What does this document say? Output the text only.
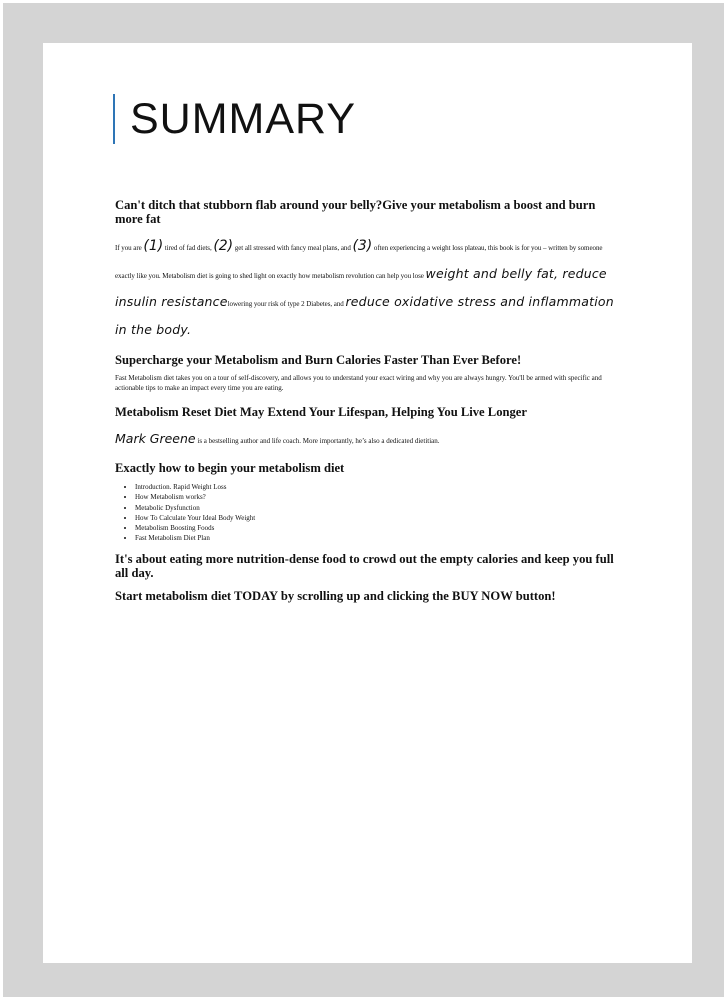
SUMMARY
Can't ditch that stubborn flab around your belly?Give your metabolism a boost and burn more fat

If you are (1) tired of fad diets, (2) get all stressed with fancy meal plans, and (3) often experiencing a weight loss plateau, this book is for you – written by someone exactly like you. Metabolism diet is going to shed light on exactly how metabolism revolution can help you lose weight and belly fat, reduce insulin resistancelowering your risk of type 2 Diabetes, and reduce oxidative stress and inflammation in the body.

Supercharge your Metabolism and Burn Calories Faster Than Ever Before!

Fast Metabolism diet takes you on a tour of self-discovery, and allows you to understand your exact wiring and why you are always hungry. You'll be armed with specific and actionable tips to make an impact every time you are eating.

Metabolism Reset Diet May Extend Your Lifespan, Helping You Live Longer

Mark Greene is a bestselling author and life coach. More importantly, he’s also a dedicated dietitian.

Exactly how to begin your metabolism diet
• Introduction. Rapid Weight Loss
• How Metabolism works?
• Metabolic Dysfunction
• How To Calculate Your Ideal Body Weight
• Metabolism Boosting Foods
• Fast Metabolism Diet Plan
It's about eating more nutrition-dense food to crowd out the empty calories and keep you full all day.
Start metabolism diet TODAY by scrolling up and clicking the BUY NOW button!
